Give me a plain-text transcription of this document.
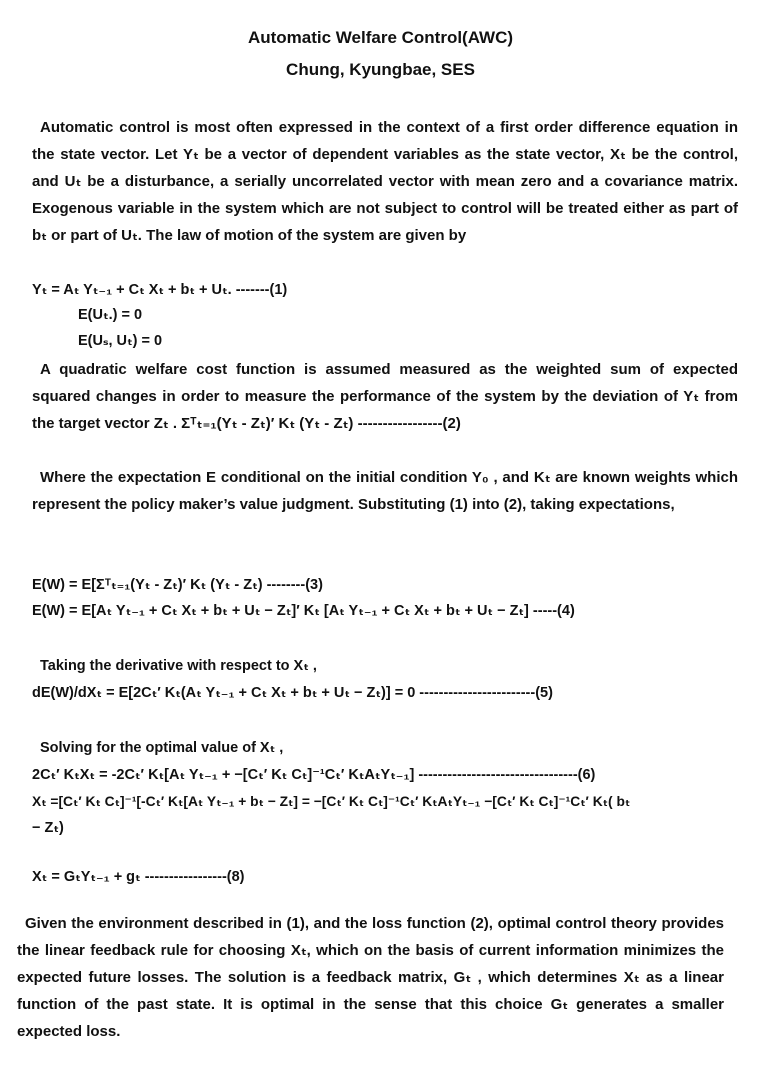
Automatic Welfare Control(AWC)
Chung, Kyungbae, SES
Automatic control is most often expressed in the context of a first order difference equation in the state vector. Let Yₜ be a vector of dependent variables as the state vector, Xₜ be the control, and Uₜ be a disturbance, a serially uncorrelated vector with mean zero and a covariance matrix. Exogenous variable in the system which are not subject to control will be treated either as part of bₜ or part of Uₜ. The law of motion of the system are given by
Yₜ = Aₜ Yₜ₋₁ + Cₜ Xₜ + bₜ + Uₜ. -------(1)
E(Uₜ.) = 0
E(Uₛ, Uₜ) = 0
A quadratic welfare cost function is assumed measured as the weighted sum of expected squared changes in order to measure the performance of the system by the deviation of Yₜ from the target vector Zₜ . Σᵀₜ₌₁(Yₜ - Zₜ)′ Kₜ (Yₜ - Zₜ) -----------------(2)
Where the expectation E conditional on the initial condition Y₀ , and Kₜ are known weights which represent the policy maker’s value judgment. Substituting (1) into (2), taking expectations,
E(W) = E[Σᵀₜ₌₁(Yₜ - Zₜ)′ Kₜ (Yₜ - Zₜ) --------(3)
E(W) = E[Aₜ Yₜ₋₁ + Cₜ Xₜ + bₜ + Uₜ − Zₜ]′ Kₜ [Aₜ Yₜ₋₁ + Cₜ Xₜ + bₜ + Uₜ − Zₜ] -----(4)
Taking the derivative with respect to Xₜ ,
dE(W)/dXₜ = E[2Cₜ′ Kₜ(Aₜ Yₜ₋₁ + Cₜ Xₜ + bₜ + Uₜ − Zₜ)] = 0 ------------------------(5)
Solving for the optimal value of Xₜ ,
2Cₜ′ KₜXₜ = -2Cₜ′ Kₜ[Aₜ Yₜ₋₁ + −[Cₜ′ Kₜ Cₜ]⁻¹Cₜ′ KₜAₜYₜ₋₁] ---------------------------------(6)
Xₜ =[Cₜ′ Kₜ Cₜ]⁻¹[-Cₜ′ Kₜ[Aₜ Yₜ₋₁ + bₜ − Zₜ] = −[Cₜ′ Kₜ Cₜ]⁻¹Cₜ′ KₜAₜYₜ₋₁ −[Cₜ′ Kₜ Cₜ]⁻¹Cₜ′ Kₜ( bₜ
− Zₜ)
Xₜ = GₜYₜ₋₁ + gₜ -----------------(8)
Given the environment described in (1), and the loss function (2), optimal control theory provides the linear feedback rule for choosing Xₜ, which on the basis of current information minimizes the expected future losses. The solution is a feedback matrix, Gₜ , which determines Xₜ as a linear function of the past state. It is optimal in the sense that this choice Gₜ generates a smaller expected loss.
